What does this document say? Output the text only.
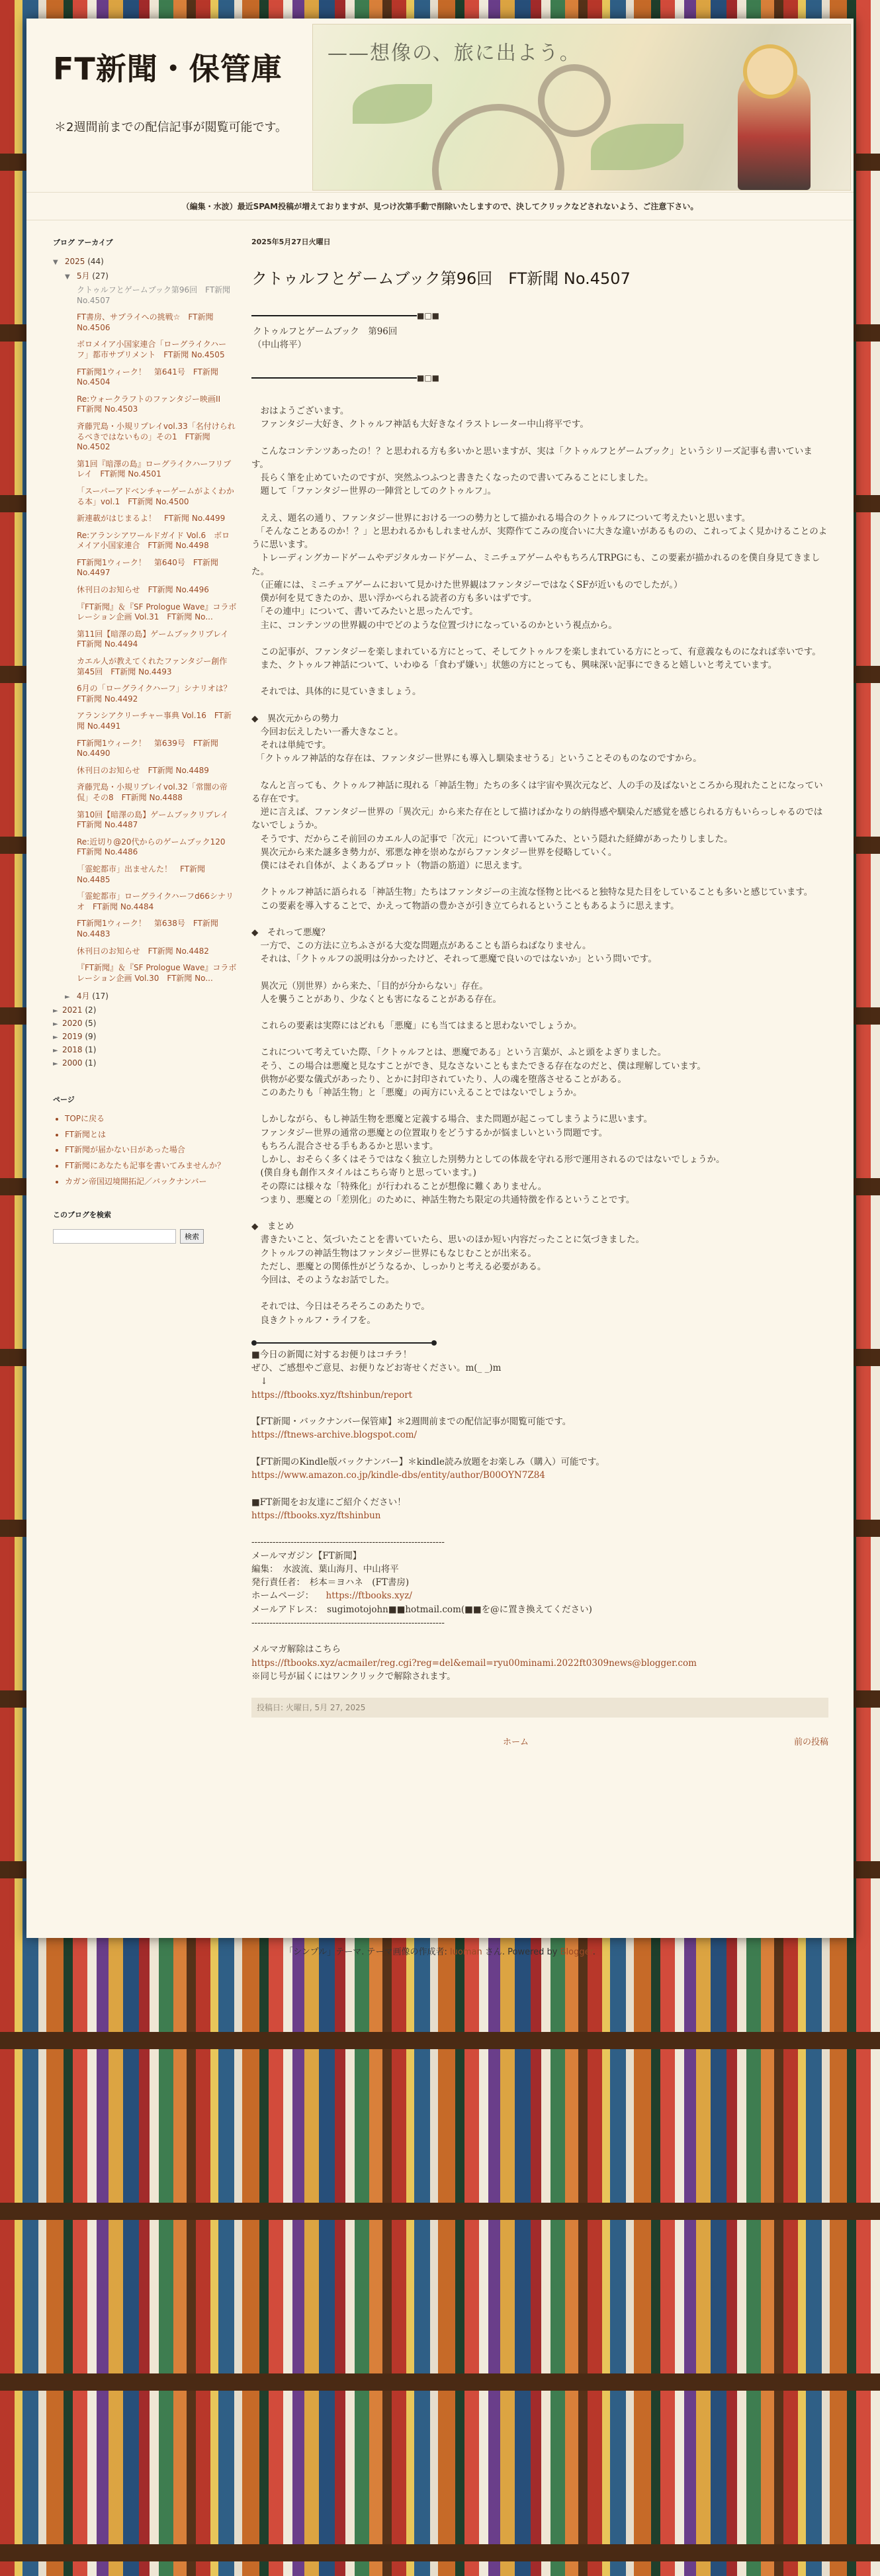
FT新聞・保管庫
＊2週間前までの配信記事が閲覧可能です。
——想像の、旅に出よう。
（編集・水波）最近SPAM投稿が増えておりますが、見つけ次第手動で削除いたしますので、決してクリックなどされないよう、ご注意下さい。
ブログ アーカイブ
▼ 2025 (44)
▼ 5月 (27)
クトゥルフとゲームブック第96回　FT新聞 No.4507
FT書房、サプライへの挑戦☆　FT新聞 No.4506
ボロメイア小国家連合「ローグライクハーフ」都市サプリメント　FT新聞 No.4505
FT新聞1ウィーク！　第641号　FT新聞 No.4504
Re:ウォークラフトのファンタジー映画II　FT新聞 No.4503
斉藤咒島・小規リプレイvol.33「名付けられるべきではないもの」その1　FT新聞 No.4502
第1回『暗澤の島』ローグライクハーフリプレイ　FT新聞 No.4501
「スーパーアドベンチャーゲームがよくわかる本」vol.1　FT新聞 No.4500
新連載がはじまるよ！　FT新聞 No.4499
Re:アランシアワールドガイド Vol.6　ボロメイア小国家連合　FT新聞 No.4498
FT新聞1ウィーク！　第640号　FT新聞 No.4497
休刊日のお知らせ　FT新聞 No.4496
『FT新聞』＆『SF Prologue Wave』コラボレーション企画 Vol.31　FT新聞 No...
第11回【暗澤の島】ゲームブックリプレイ　FT新聞 No.4494
カエル人が教えてくれたファンタジー創作　第45回　FT新聞 No.4493
6月の「ローグライクハーフ」シナリオは？　FT新聞 No.4492
アランシアクリーチャー事典 Vol.16　FT新聞 No.4491
FT新聞1ウィーク！　第639号　FT新聞 No.4490
休刊日のお知らせ　FT新聞 No.4489
斉藤咒島・小規リプレイvol.32「常闇の帝侃」その8　FT新聞 No.4488
第10回【暗澤の島】ゲームブックリプレイ　FT新聞 No.4487
Re:近切り@20代からのゲームブック120　FT新聞 No.4486
「霊蛇都市」出ませんた！　FT新聞 No.4485
「霊蛇都市」ローグライクハーフd66シナリオ　FT新聞 No.4484
FT新聞1ウィーク！　第638号　FT新聞 No.4483
休刊日のお知らせ　FT新聞 No.4482
『FT新聞』＆『SF Prologue Wave』コラボレーション企画 Vol.30　FT新聞 No...
► 4月 (17)
► 2021 (2)
► 2020 (5)
► 2019 (9)
► 2018 (1)
► 2000 (1)
ページ
• TOPに戻る
• FT新聞とは
• FT新聞が届かない日があった場合
• FT新聞にあなたも記事を書いてみませんか？
• カガン帝国辺境開拓記／バックナンバー
このブログを検索
検索
2025年5月27日火曜日
クトゥルフとゲームブック第96回　FT新聞 No.4507
■□■
クトゥルフとゲームブック　第96回
（中山将平）
■□■

　おはようございます。
　ファンタジー大好き、クトゥルフ神話も大好きなイラストレーター中山将平です。

　こんなコンテンツあったの！？と思われる方も多いかと思いますが、実は「クトゥルフとゲームブック」というシリーズ記事も書いています。
　長らく筆を止めていたのですが、突然ふつふつと書きたくなったので書いてみることにしました。
　題して「ファンタジー世界の一陣営としてのクトゥルフ」。

　ええ、題名の通り、ファンタジー世界における一つの勢力として描かれる場合のクトゥルフについて考えたいと思います。
　「そんなことあるのか！？」と思われるかもしれませんが、実際作てこみの度合いに大きな違いがあるものの、これってよく見かけることのように思います。
　トレーディングカードゲームやデジタルカードゲーム、ミニチュアゲームやもちろんTRPGにも、この要素が描かれるのを僕自身見てきました。
　（正確には、ミニチュアゲームにおいて見かけた世界観はファンタジーではなくSFが近いものでしたが。）
　僕が何を見てきたのか、思い浮かべられる読者の方も多いはずです。
　「その連中」について、書いてみたいと思ったんです。
　主に、コンテンツの世界観の中でどのような位置づけになっているのかという視点から。

　この記事が、ファンタジーを楽しまれている方にとって、そしてクトゥルフを楽しまれている方にとって、有意義なものになれば幸いです。
　また、クトゥルフ神話について、いわゆる「食わず嫌い」状態の方にとっても、興味深い記事にできると嬉しいと考えています。

　それでは、具体的に見ていきましょう。

◆　異次元からの勢力
　今回お伝えしたい一番大きなこと。
　それは単純です。
　「クトゥルフ神話的な存在は、ファンタジー世界にも導入し馴染ませうる」ということそのものなのですから。

　なんと言っても、クトゥルフ神話に現れる「神話生物」たちの多くは宇宙や異次元など、人の手の及ばないところから現れたことになっている存在です。
　逆に言えば、ファンタジー世界の「異次元」から来た存在として描けばかなりの納得感や馴染んだ感覚を感じられる方もいらっしゃるのではないでしょうか。
　そうです、だからこそ前回のカエル人の記事で「次元」について書いてみた、という隠れた経緯があったりしました。
　異次元から来た謎多き勢力が、邪悪な神を崇めながらファンタジー世界を侵略していく。
　僕にはそれ自体が、よくあるプロット（物語の筋道）に思えます。

　クトゥルフ神話に語られる「神話生物」たちはファンタジーの主流な怪物と比べると独特な見た目をしていることも多いと感じています。
　この要素を導入することで、かえって物語の豊かさが引き立てられるということもあるように思えます。

◆　それって悪魔？
　一方で、この方法に立ちふさがる大変な問題点があることも語らねばなりません。
　それは、「クトゥルフの説明は分かったけど、それって悪魔で良いのではないか」という問いです。

　異次元（別世界）から来た、「目的が分からない」存在。
　人を襲うことがあり、少なくとも害になることがある存在。

　これらの要素は実際にはどれも「悪魔」にも当てはまると思わないでしょうか。

　これについて考えていた際、「クトゥルフとは、悪魔である」という言葉が、ふと頭をよぎりました。
　そう、この場合は悪魔と見なすことができ、見なさないこともまたできる存在なのだと、僕は理解しています。
　供物が必要な儀式があったり、とかに封印されていたり、人の魂を堕落させることがある。
　このあたりも「神話生物」と「悪魔」の両方にいえることではないでしょうか。

　しかしながら、もし神話生物を悪魔と定義する場合、また問題が起こってしまうように思います。
　ファンタジー世界の通常の悪魔との位置取りをどうするかが悩ましいという問題です。
　もちろん混合させる手もあるかと思います。
　しかし、おそらく多くはそうではなく独立した別勢力としての体裁を守れる形で運用されるのではないでしょうか。
　(僕自身も創作スタイルはこちら寄りと思っています。)
　その際には様々な「特殊化」が行われることが想像に難くありません。
　つまり、悪魔との「差別化」のために、神話生物たち限定の共通特徴を作るということです。

◆　まとめ
　書きたいこと、気づいたことを書いていたら、思いのほか短い内容だったことに気づきました。
　クトゥルフの神話生物はファンタジー世界にもなじむことが出来る。
　ただし、悪魔との関係性がどうなるか、しっかりと考える必要がある。
　今回は、そのようなお話でした。

　それでは、今日はそろそろこのあたりで。
　良きクトゥルフ・ライフを。

■今日の新聞に対するお便りはコチラ！
ぜひ、ご感想やご意見、お便りなどお寄せください。m(_ _)m
　↓
https://ftbooks.xyz/ftshinbun/report

【FT新聞・バックナンバー保管庫】＊2週間前までの配信記事が閲覧可能です。
https://ftnews-archive.blogspot.com/

【FT新聞のKindle版バックナンバー】＊kindle読み放題をお楽しみ（購入）可能です。
https://www.amazon.co.jp/kindle-dbs/entity/author/B00OYN7Z84

■FT新聞をお友達にご紹介ください！
https://ftbooks.xyz/ftshinbun

----------------------------------------------------------------
メールマガジン【FT新聞】
編集：　水波流、葉山海月、中山将平
発行責任者：　杉本＝ヨハネ　(FT書房)
ホームページ： https://ftbooks.xyz/
メールアドレス：　sugimotojohn■■hotmail.com(■■を@に置き換えてください)
----------------------------------------------------------------

メルマガ解除はこちら
https://ftbooks.xyz/acmailer/reg.cgi?reg=del&email=ryu00minami.2022ft0309news@blogger.com
※同じ号が届くにはワンクリックで解除されます。
投稿日: 火曜日, 5月 27, 2025
ホーム	前の投稿
「シンプル」テーマ. テーマ画像の作成者: luoman さん. Powered by Blogger.
